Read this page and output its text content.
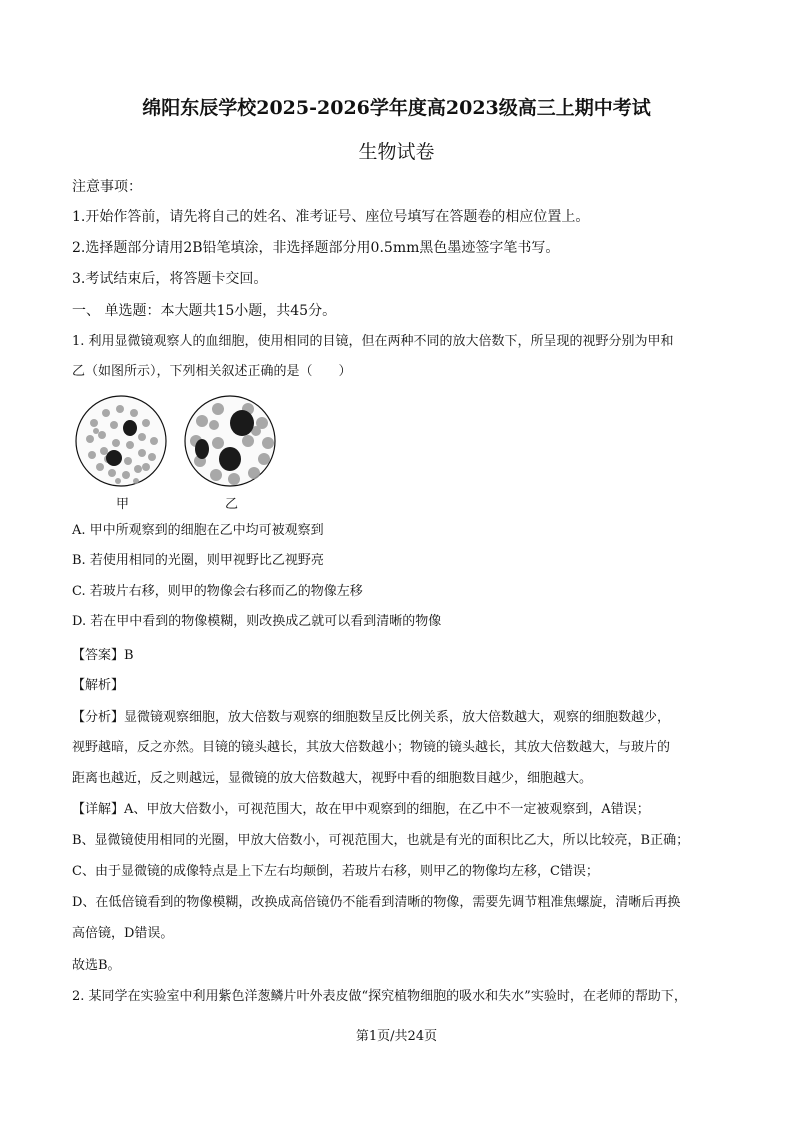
绵阳东辰学校2025-2026学年度高2023级高三上期中考试
生物试卷
注意事项：
1.开始作答前，请先将自己的姓名、准考证号、座位号填写在答题卷的相应位置上。
2.选择题部分请用2B铅笔填涂，非选择题部分用0.5mm黑色墨迹签字笔书写。
3.考试结束后，将答题卡交回。
一、 单选题：本大题共15小题，共45分。
1. 利用显微镜观察人的血细胞，使用相同的目镜，但在两种不同的放大倍数下，所呈现的视野分别为甲和
乙（如图所示），下列相关叙述正确的是（　　）
甲	乙
A. 甲中所观察到的细胞在乙中均可被观察到
B. 若使用相同的光圈，则甲视野比乙视野亮
C. 若玻片右移，则甲的物像会右移而乙的物像左移
D. 若在甲中看到的物像模糊，则改换成乙就可以看到清晰的物像
【答案】B
【解析】
【分析】显微镜观察细胞，放大倍数与观察的细胞数呈反比例关系，放大倍数越大，观察的细胞数越少，
视野越暗，反之亦然。目镜的镜头越长，其放大倍数越小；物镜的镜头越长，其放大倍数越大，与玻片的
距离也越近，反之则越远，显微镜的放大倍数越大，视野中看的细胞数目越少，细胞越大。
【详解】A、甲放大倍数小，可视范围大，故在甲中观察到的细胞，在乙中不一定被观察到，A错误；
B、显微镜使用相同的光圈，甲放大倍数小，可视范围大，也就是有光的面积比乙大，所以比较亮，B正确；
C、由于显微镜的成像特点是上下左右均颠倒，若玻片右移，则甲乙的物像均左移，C错误；
D、在低倍镜看到的物像模糊，改换成高倍镜仍不能看到清晰的物像，需要先调节粗准焦螺旋，清晰后再换
高倍镜，D错误。
故选B。
2. 某同学在实验室中利用紫色洋葱鳞片叶外表皮做“探究植物细胞的吸水和失水”实验时，在老师的帮助下，
第1页/共24页
